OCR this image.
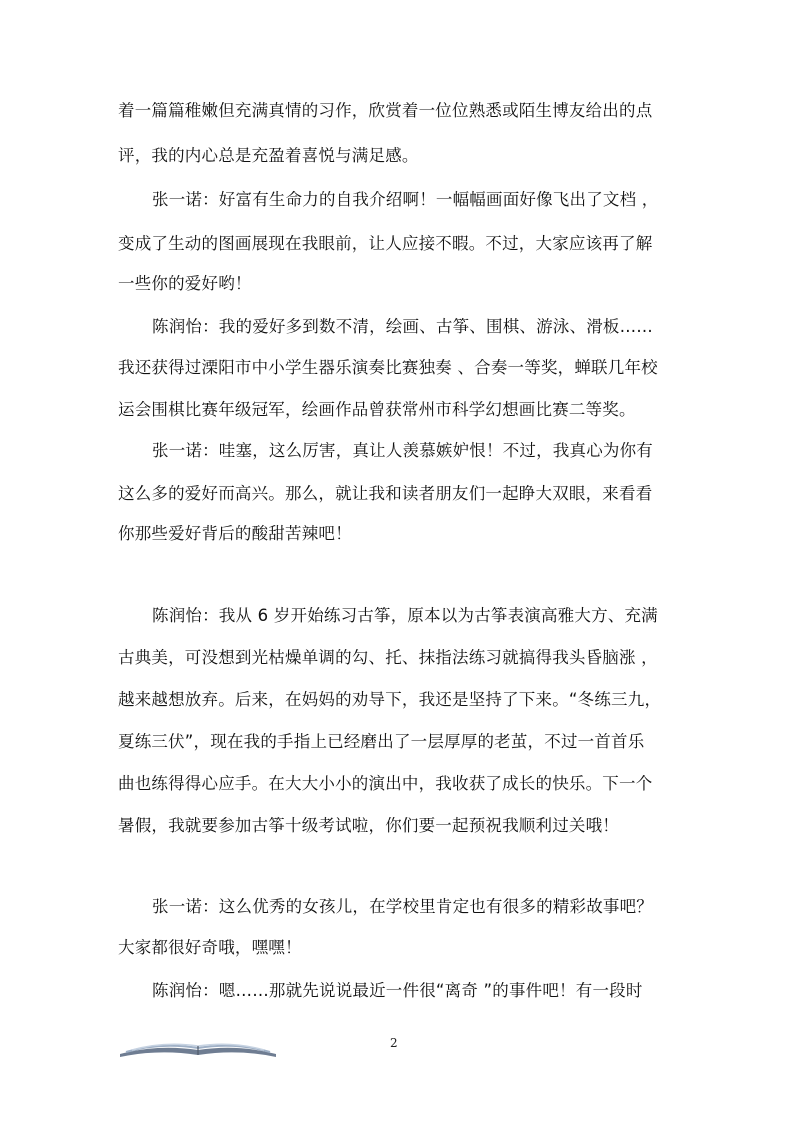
着一篇篇稚嫩但充满真情的习作，欣赏着一位位熟悉或陌生博友给出的点
评，我的内心总是充盈着喜悦与满足感。
张一诺：好富有生命力的自我介绍啊！一幅幅画面好像飞出了文档 ，
变成了生动的图画展现在我眼前，让人应接不暇。不过，大家应该再了解
一些你的爱好哟！
陈润怡：我的爱好多到数不清，绘画、古筝、围棋、游泳、滑板……
我还获得过溧阳市中小学生器乐演奏比赛独奏 、合奏一等奖，蝉联几年校
运会围棋比赛年级冠军，绘画作品曾获常州市科学幻想画比赛二等奖。
张一诺：哇塞，这么厉害，真让人羡慕嫉妒恨！不过，我真心为你有
这么多的爱好而高兴。那么，就让我和读者朋友们一起睁大双眼，来看看
你那些爱好背后的酸甜苦辣吧！
陈润怡：我从 6 岁开始练习古筝，原本以为古筝表演高雅大方、充满
古典美，可没想到光枯燥单调的勾、托、抹指法练习就搞得我头昏脑涨 ，
越来越想放弃。后来，在妈妈的劝导下，我还是坚持了下来。“冬练三九，
夏练三伏”，现在我的手指上已经磨出了一层厚厚的老茧，不过一首首乐
曲也练得得心应手。在大大小小的演出中，我收获了成长的快乐。下一个
暑假，我就要参加古筝十级考试啦，你们要一起预祝我顺利过关哦！
张一诺：这么优秀的女孩儿，在学校里肯定也有很多的精彩故事吧？
大家都很好奇哦，嘿嘿！
陈润怡：嗯……那就先说说最近一件很“离奇 ”的事件吧！有一段时
2
